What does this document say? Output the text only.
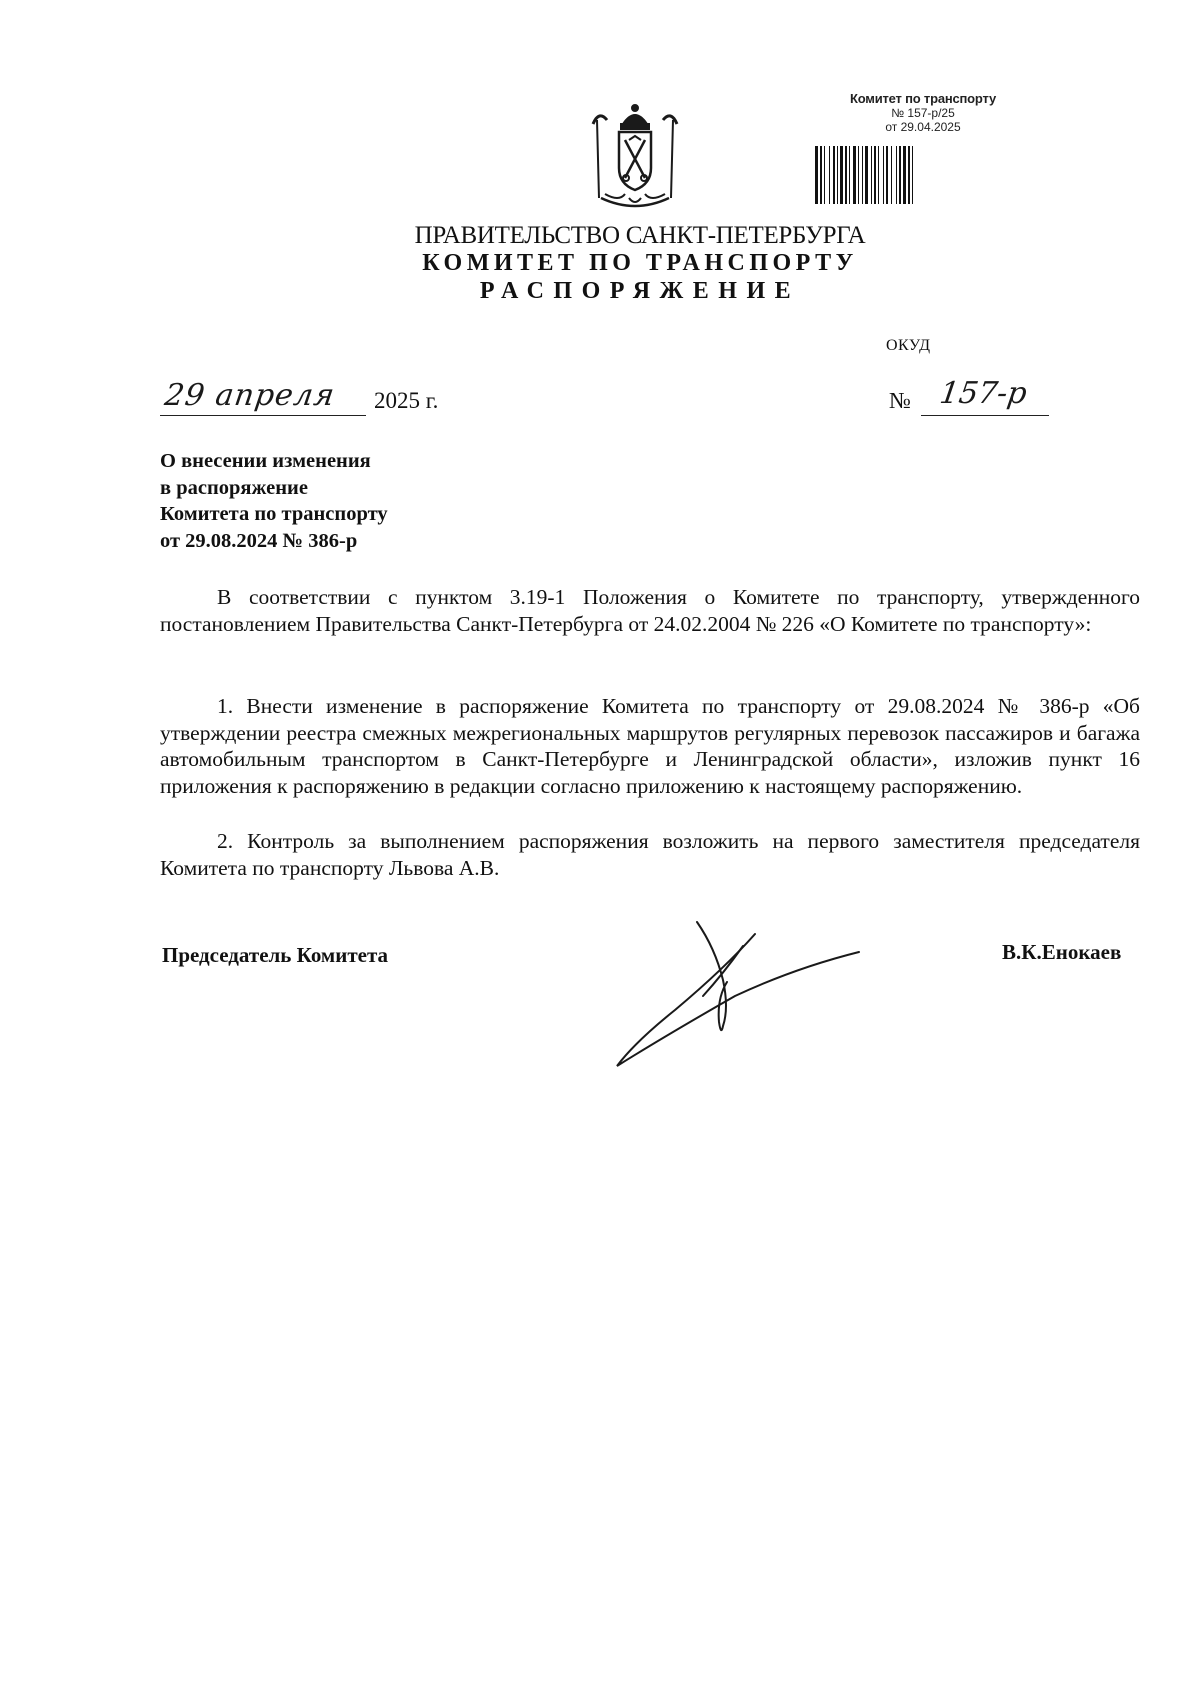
Комитет по транспорту
№ 157-р/25
от 29.04.2025
ПРАВИТЕЛЬСТВО САНКТ-ПЕТЕРБУРГА
КОМИТЕТ ПО ТРАНСПОРТУ
РАСПОРЯЖЕНИЕ
ОКУД
29 апреля 2025 г.	№ 157-р
О внесении изменения
в распоряжение
Комитета по транспорту
от 29.08.2024 № 386-р
В соответствии с пунктом 3.19-1 Положения о Комитете по транспорту, утвержденного постановлением Правительства Санкт-Петербурга от 24.02.2004 № 226 «О Комитете по транспорту»:
1. Внести изменение в распоряжение Комитета по транспорту от 29.08.2024 № 386-р «Об утверждении реестра смежных межрегиональных маршрутов регулярных перевозок пассажиров и багажа автомобильным транспортом в Санкт-Петербурге и Ленинградской области», изложив пункт 16 приложения к распоряжению в редакции согласно приложению к настоящему распоряжению.
2. Контроль за выполнением распоряжения возложить на первого заместителя председателя Комитета по транспорту Львова А.В.
Председатель Комитета	В.К.Енокаев
